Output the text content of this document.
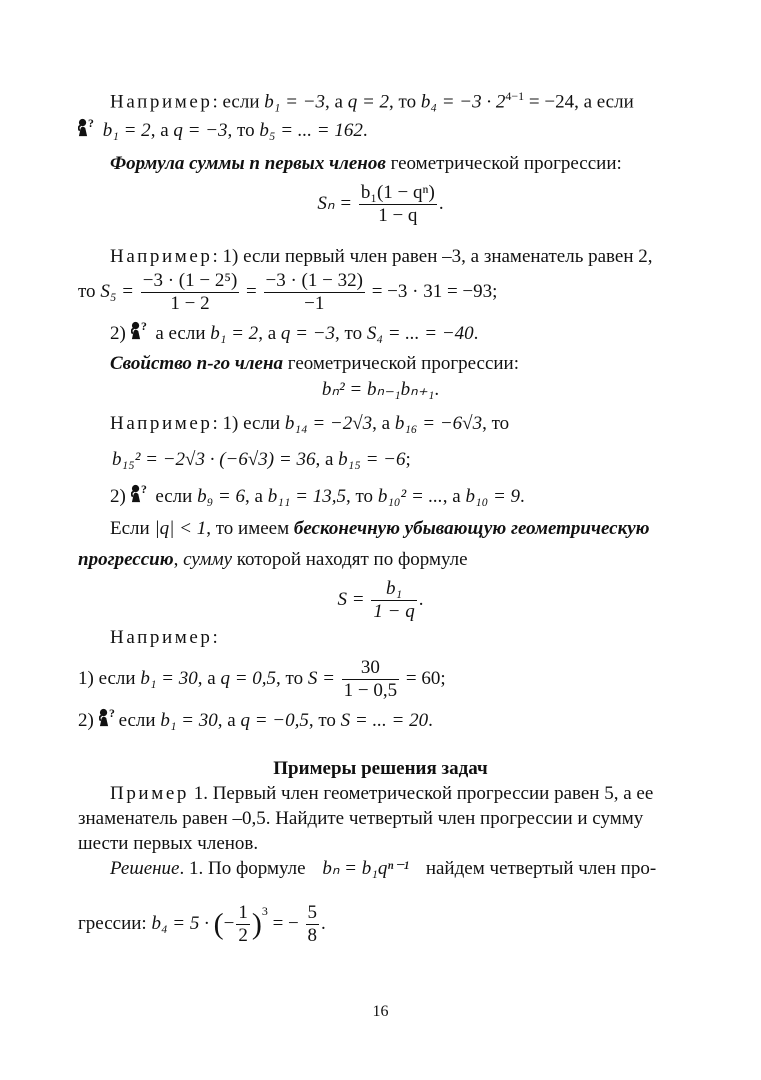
Например: если b₁ = −3, а q = 2, то $b_4 = -3 \cdot 2^{4-1} = -24$, а если
b₁ = 2, а q = −3, то b₅ = ... = 162.
Формула суммы n первых членов геометрической прогрессии:
$S_n = \frac{\text{b₁(1 − qⁿ)}}{1 - q}$ .
Например: 1) если первый член равен –3, а знаменатель равен 2,
то $S_5 = \frac{\text{−3 · (1 − 2⁵)}}{1 - 2} = \frac{-3 \cdot (1 - 32)}{-1} = -3 \cdot 31 = -93$;
2) а если b₁ = 2, а q = −3, то S₄ = ... = −40.
Свойство n-го члена геометрической прогрессии:
bₙ² = bₙ₋₁bₙ₊₁.
Например: 1) если b₁₄ = −2√3, а b₁₆ = −6√3, то
b₁₅² = −2√3 · (−6√3) = 36, а b₁₅ = −6;
2) если b₉ = 6, а b₁₁ = 13,5, то b₁₀² = ..., а b₁₀ = 9.
Если |q| < 1, то имеем бесконечную убывающую геометрическую
прогрессию, сумму которой находят по формуле
$S = \frac{\text{b₁}}{1 - q}$ .
Например:
1) если b₁ = 30, а q = 0,5, то $S = \frac{30}{1 - 0,5} = 60$;
2) если b₁ = 30, а q = −0,5, то S = ... = 20.
Примеры решения задач
Пример 1. Первый член геометрической прогрессии равен 5, а ее
знаменатель равен –0,5. Найдите четвертый член прогрессии и сумму
шести первых членов.
Решение. 1. По формуле bₙ = b₁qⁿ⁻¹ найдем четвертый член про-
грессии: b₄ = 5 · (− $\frac{1}{2} )^3$ = − $\frac{5}{8}$ .
16
